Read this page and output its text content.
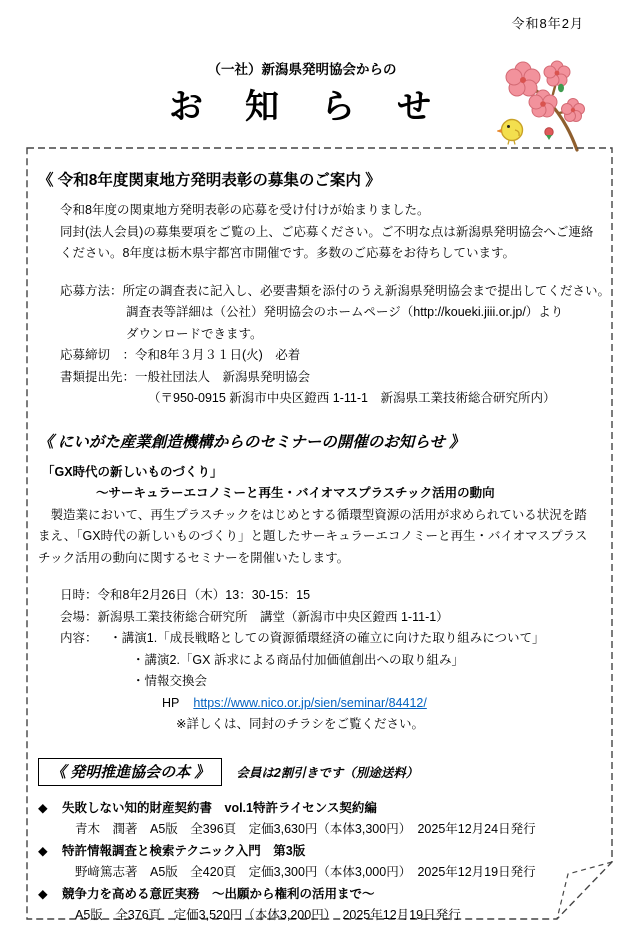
令和8年2月
（一社）新潟県発明協会からの
お　知　ら　せ
《 令和8年度関東地方発明表彰の募集のご案内 》
令和8年度の関東地方発明表彰の応募を受け付けが始まりました。
同封(法人会員)の募集要項をご覧の上、ご応募ください。ご不明な点は新潟県発明協会へご連絡
ください。8年度は栃木県宇都宮市開催です。多数のご応募をお待ちしています。
応募方法：所定の調査表に記入し、必要書類を添付のうえ新潟県発明協会まで提出してください。
調査表等詳細は（公社）発明協会のホームページ（http://koueki.jiii.or.jp/）より
ダウンロードできます。
応募締切　：令和8年３月３１日(火)　必着
書類提出先：一般社団法人　新潟県発明協会
（〒950-0915 新潟市中央区鐙西 1-11-1　新潟県工業技術総合研究所内）
《 にいがた産業創造機構からのセミナーの開催のお知らせ 》
「GX時代の新しいものづくり」
～サーキュラーエコノミーと再生・バイオマスプラスチック活用の動向
　製造業において、再生プラスチックをはじめとする循環型資源の活用が求められている状況を踏
まえ、「GX時代の新しいものづくり」と題したサーキュラーエコノミーと再生・バイオマスプラス
チック活用の動向に関するセミナーを開催いたします。
日時：令和8年2月26日（木）13：30-15：15
会場：新潟県工業技術総合研究所　講堂（新潟市中央区鐙西 1-11-1）
内容： ・講演1.「成長戦略としての資源循環経済の確立に向けた取り組みについて」
・講演2.「GX 訴求による商品付加価値創出への取り組み」
・情報交換会
HP https://www.nico.or.jp/sien/seminar/84412/
※詳しくは、同封のチラシをご覧ください。
《 発明推進協会の本 》 会員は2割引きです（別途送料）
◆ 失敗しない知的財産契約書　vol.1特許ライセンス契約編
青木　潤著　A5版　全396頁　定価3,630円（本体3,300円）　2025年12月24日発行
◆ 特許情報調査と検索テクニック入門　第3版
野﨑篤志著　A5版　全420頁　定価3,300円（本体3,000円）　2025年12月19日発行
◆ 競争力を高める意匠実務　～出願から権利の活用まで～
A5版　全376頁　定価3,520円（本体3,200円）　2025年12月19日発行
